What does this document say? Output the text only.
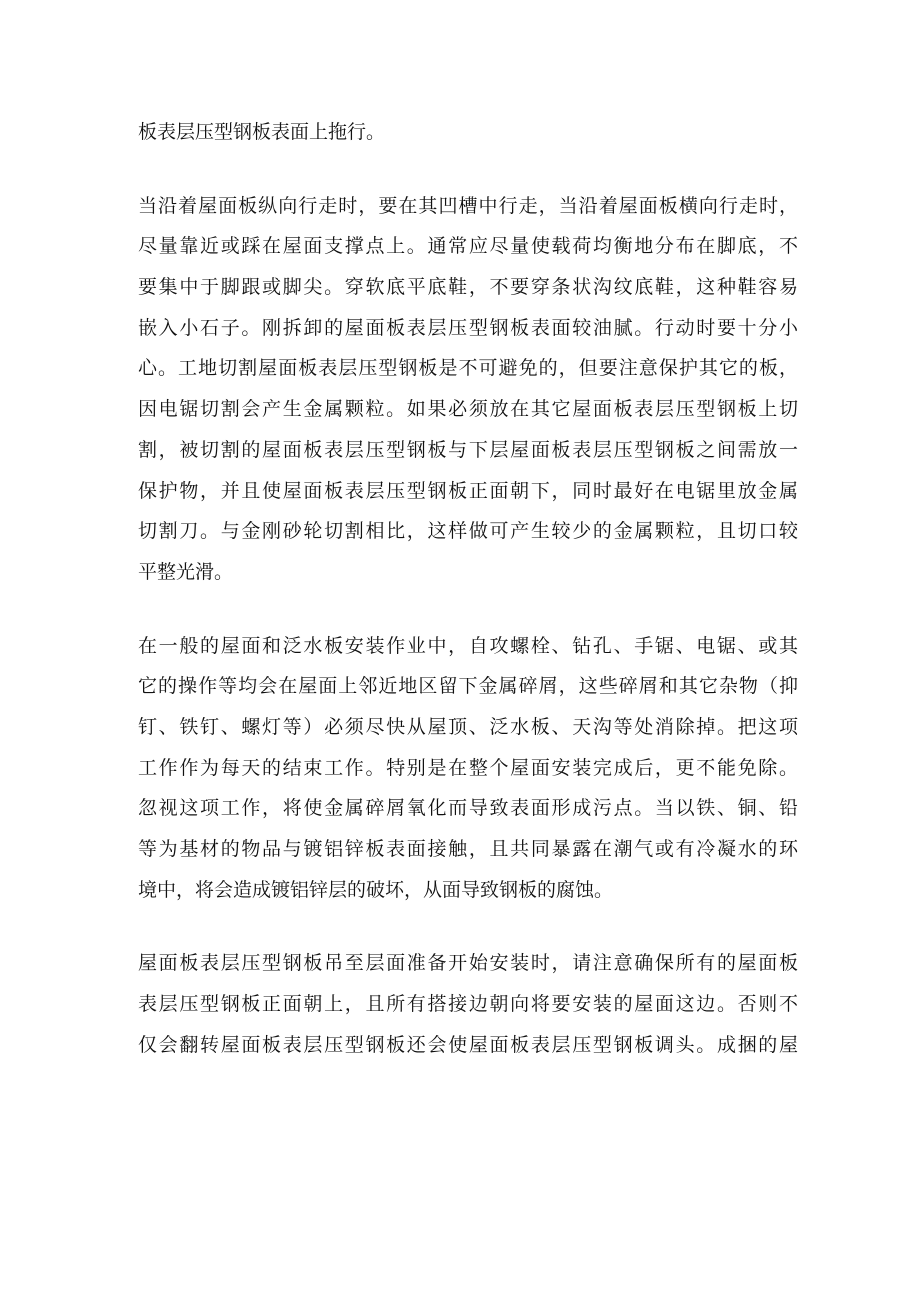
板表层压型钢板表面上拖行。
当沿着屋面板纵向行走时，要在其凹槽中行走，当沿着屋面板横向行走时，
尽量靠近或踩在屋面支撑点上。通常应尽量使载荷均衡地分布在脚底，不
要集中于脚跟或脚尖。穿软底平底鞋，不要穿条状沟纹底鞋，这种鞋容易
嵌入小石子。刚拆卸的屋面板表层压型钢板表面较油腻。行动时要十分小
心。工地切割屋面板表层压型钢板是不可避免的，但要注意保护其它的板，
因电锯切割会产生金属颗粒。如果必须放在其它屋面板表层压型钢板上切
割，被切割的屋面板表层压型钢板与下层屋面板表层压型钢板之间需放一
保护物，并且使屋面板表层压型钢板正面朝下，同时最好在电锯里放金属
切割刀。与金刚砂轮切割相比，这样做可产生较少的金属颗粒，且切口较
平整光滑。
在一般的屋面和泛水板安装作业中，自攻螺栓、钻孔、手锯、电锯、或其
它的操作等均会在屋面上邻近地区留下金属碎屑，这些碎屑和其它杂物（抑
钉、铁钉、螺灯等）必须尽快从屋顶、泛水板、天沟等处消除掉。把这项
工作作为每天的结束工作。特别是在整个屋面安装完成后，更不能免除。
忽视这项工作，将使金属碎屑氧化而导致表面形成污点。当以铁、铜、铅
等为基材的物品与镀铝锌板表面接触，且共同暴露在潮气或有冷凝水的环
境中，将会造成镀铝锌层的破坏，从面导致钢板的腐蚀。
屋面板表层压型钢板吊至层面准备开始安装时，请注意确保所有的屋面板
表层压型钢板正面朝上，且所有搭接边朝向将要安装的屋面这边。否则不
仅会翻转屋面板表层压型钢板还会使屋面板表层压型钢板调头。成捆的屋
